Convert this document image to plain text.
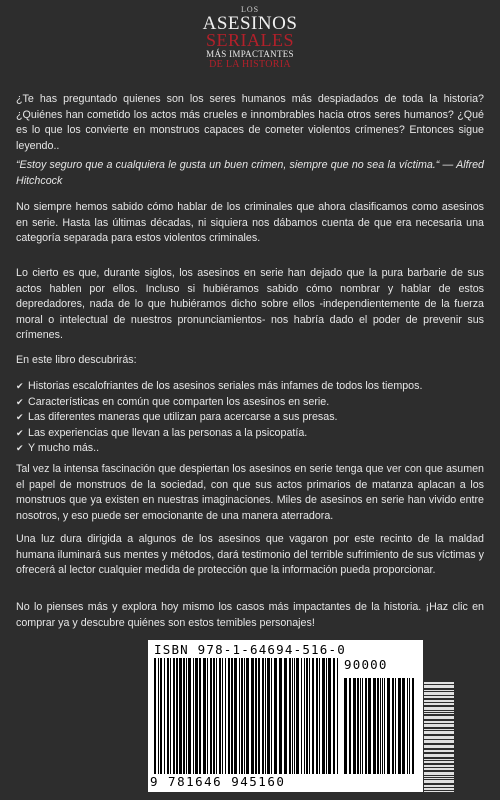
LOS
ASESINOS
SERIALES
MÁS IMPACTANTES
DE LA HISTORIA
¿Te has preguntado quienes son los seres humanos más despiadados de toda la historia? ¿Quiénes han cometido los actos más crueles e innombrables hacia otros seres humanos? ¿Qué es lo que los convierte en monstruos capaces de cometer violentos crímenes? Entonces sigue leyendo..
“Estoy seguro que a cualquiera le gusta un buen crimen, siempre que no sea la víctima.“ — Alfred Hitchcock
No siempre hemos sabido cómo hablar de los criminales que ahora clasificamos como asesinos en serie. Hasta las últimas décadas, ni siquiera nos dábamos cuenta de que era necesaria una categoría separada para estos violentos criminales.
Lo cierto es que, durante siglos, los asesinos en serie han dejado que la pura barbarie de sus actos hablen por ellos. Incluso si hubiéramos sabido cómo nombrar y hablar de estos depredadores, nada de lo que hubiéramos dicho sobre ellos -independientemente de la fuerza moral o intelectual de nuestros pronunciamientos- nos habría dado el poder de prevenir sus crímenes.
En este libro descubrirás:
✔ Historias escalofriantes de los asesinos seriales más infames de todos los tiempos.
✔ Características en común que comparten los asesinos en serie.
✔ Las diferentes maneras que utilizan para acercarse a sus presas.
✔ Las experiencias que llevan a las personas a la psicopatía.
✔ Y mucho más..
Tal vez la intensa fascinación que despiertan los asesinos en serie tenga que ver con que asumen el papel de monstruos de la sociedad, con que sus actos primarios de matanza aplacan a los monstruos que ya existen en nuestras imaginaciones. Miles de asesinos en serie han vivido entre nosotros, y eso puede ser emocionante de una manera aterradora.
Una luz dura dirigida a algunos de los asesinos que vagaron por este recinto de la maldad humana iluminará sus mentes y métodos, dará testimonio del terrible sufrimiento de sus víctimas y ofrecerá al lector cualquier medida de protección que la información pueda proporcionar.
No lo pienses más y explora hoy mismo los casos más impactantes de la historia. ¡Haz clic en comprar ya y descubre quiénes son estos temibles personajes!
ISBN 978-1-64694-516-0
90000
9 781646 945160
